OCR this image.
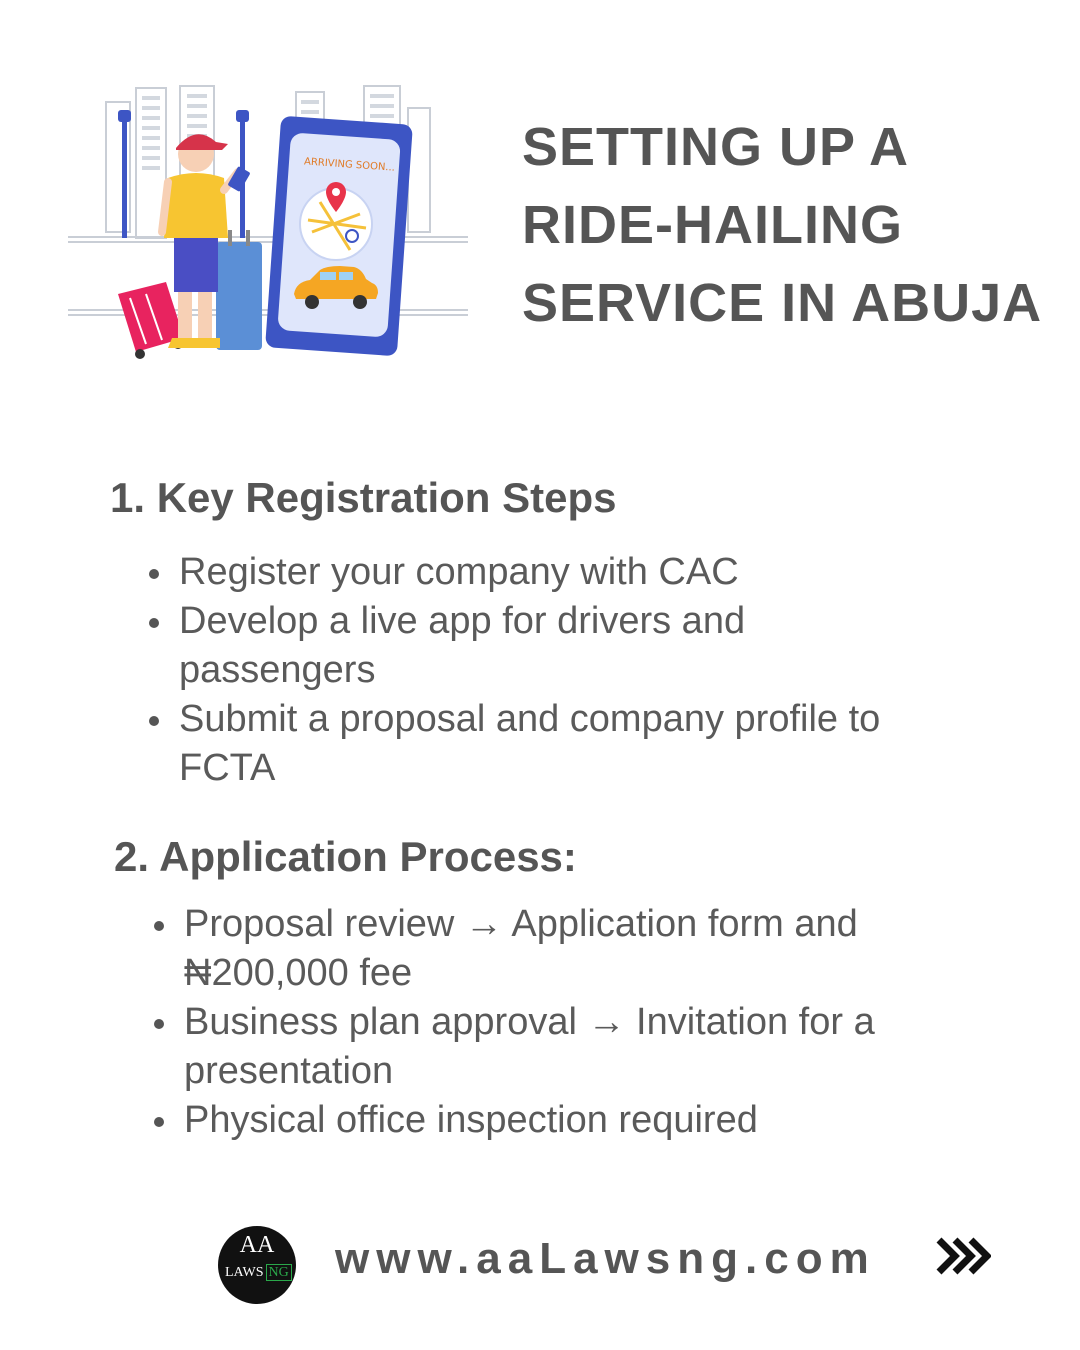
ARRIVING SOON... SETTING UP A
RIDE-HAILING
SERVICE IN ABUJA
1. Key Registration Steps
Register your company with CAC
Develop a live app for drivers and passengers
Submit a proposal and company profile to FCTA
2. Application Process:
Proposal review → Application form and ₦200,000 fee
Business plan approval → Invitation for a presentation
Physical office inspection required
AA
LAWS NG www.aaLawsng.com
